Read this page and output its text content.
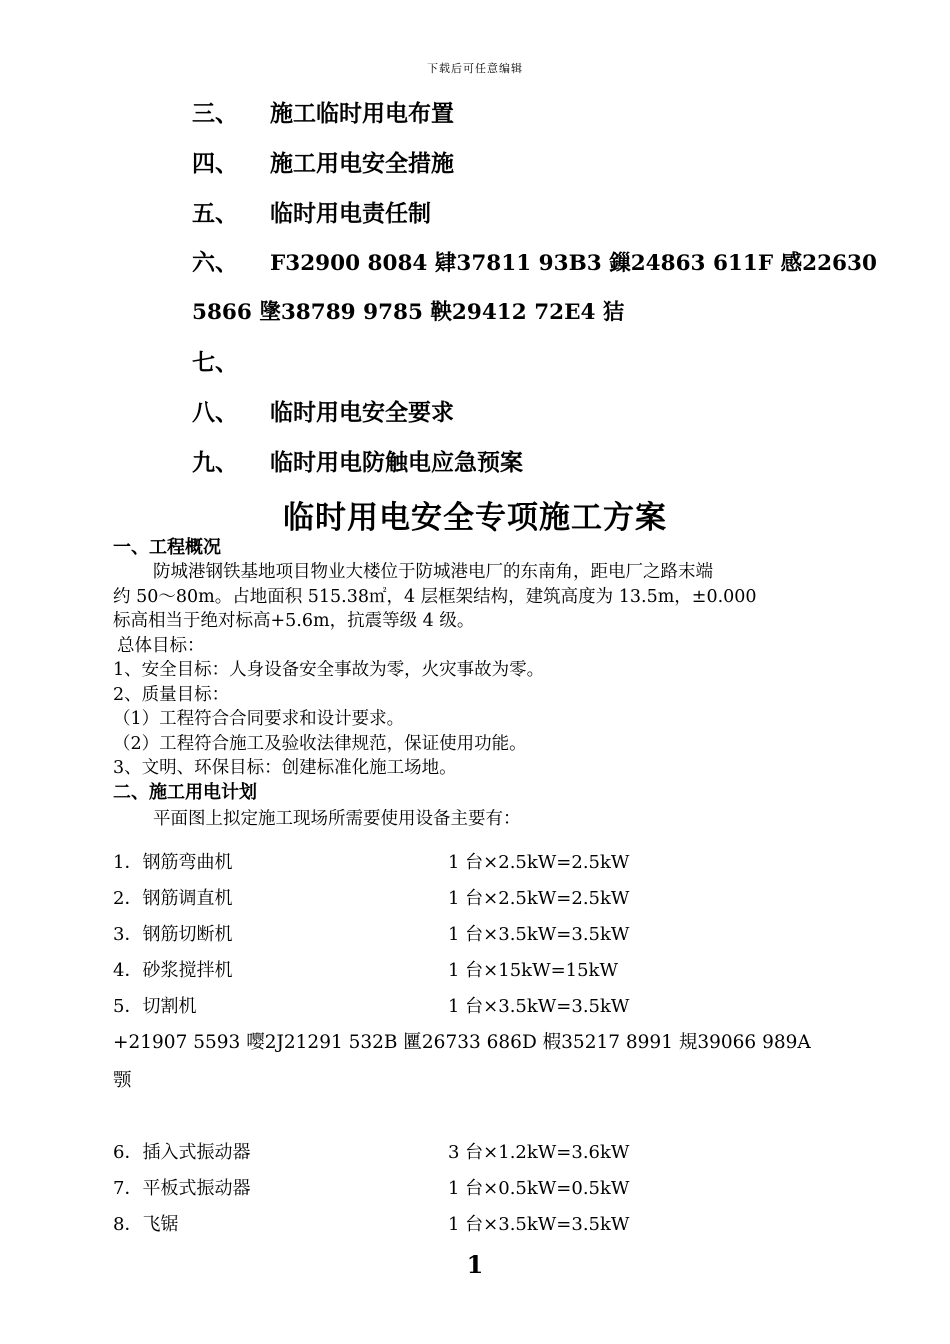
下载后可任意编辑
三、 施工临时用电布置
四、 施工用电安全措施
五、 临时用电责任制
六、 F32900 8084 肄37811 93B3 鏁24863 611F 感22630
5866 墬38789 9785 鞅29412 72E4 狤
七、
八、 临时用电安全要求
九、 临时用电防触电应急预案
临时用电安全专项施工方案
一、工程概况
防城港钢铁基地项目物业大楼位于防城港电厂的东南角，距电厂之路末端
约 50～80m。占地面积 515.38㎡，4 层框架结构，建筑高度为 13.5m，±0.000
标高相当于绝对标高+5.6m，抗震等级 4 级。
总体目标：
1、安全目标：人身设备安全事故为零，火灾事故为零。
2、质量目标：
（1）工程符合合同要求和设计要求。
（2）工程符合施工及验收法律规范，保证使用功能。
3、文明、环保目标：创建标准化施工场地。
二、施工用电计划
平面图上拟定施工现场所需要使用设备主要有：
1．钢筋弯曲机	1 台×2.5kW=2.5kW
2．钢筋调直机	1 台×2.5kW=2.5kW
3．钢筋切断机	1 台×3.5kW=3.5kW
4．砂浆搅拌机	1 台×15kW=15kW
5．切割机	1 台×3.5kW=3.5kW
+21907 5593 嘤2J21291 532B 匷26733 686D 椵35217 8991 規39066 989A
颚
6．插入式振动器	3 台×1.2kW=3.6kW
7．平板式振动器	1 台×0.5kW=0.5kW
8．飞锯	1 台×3.5kW=3.5kW
1
